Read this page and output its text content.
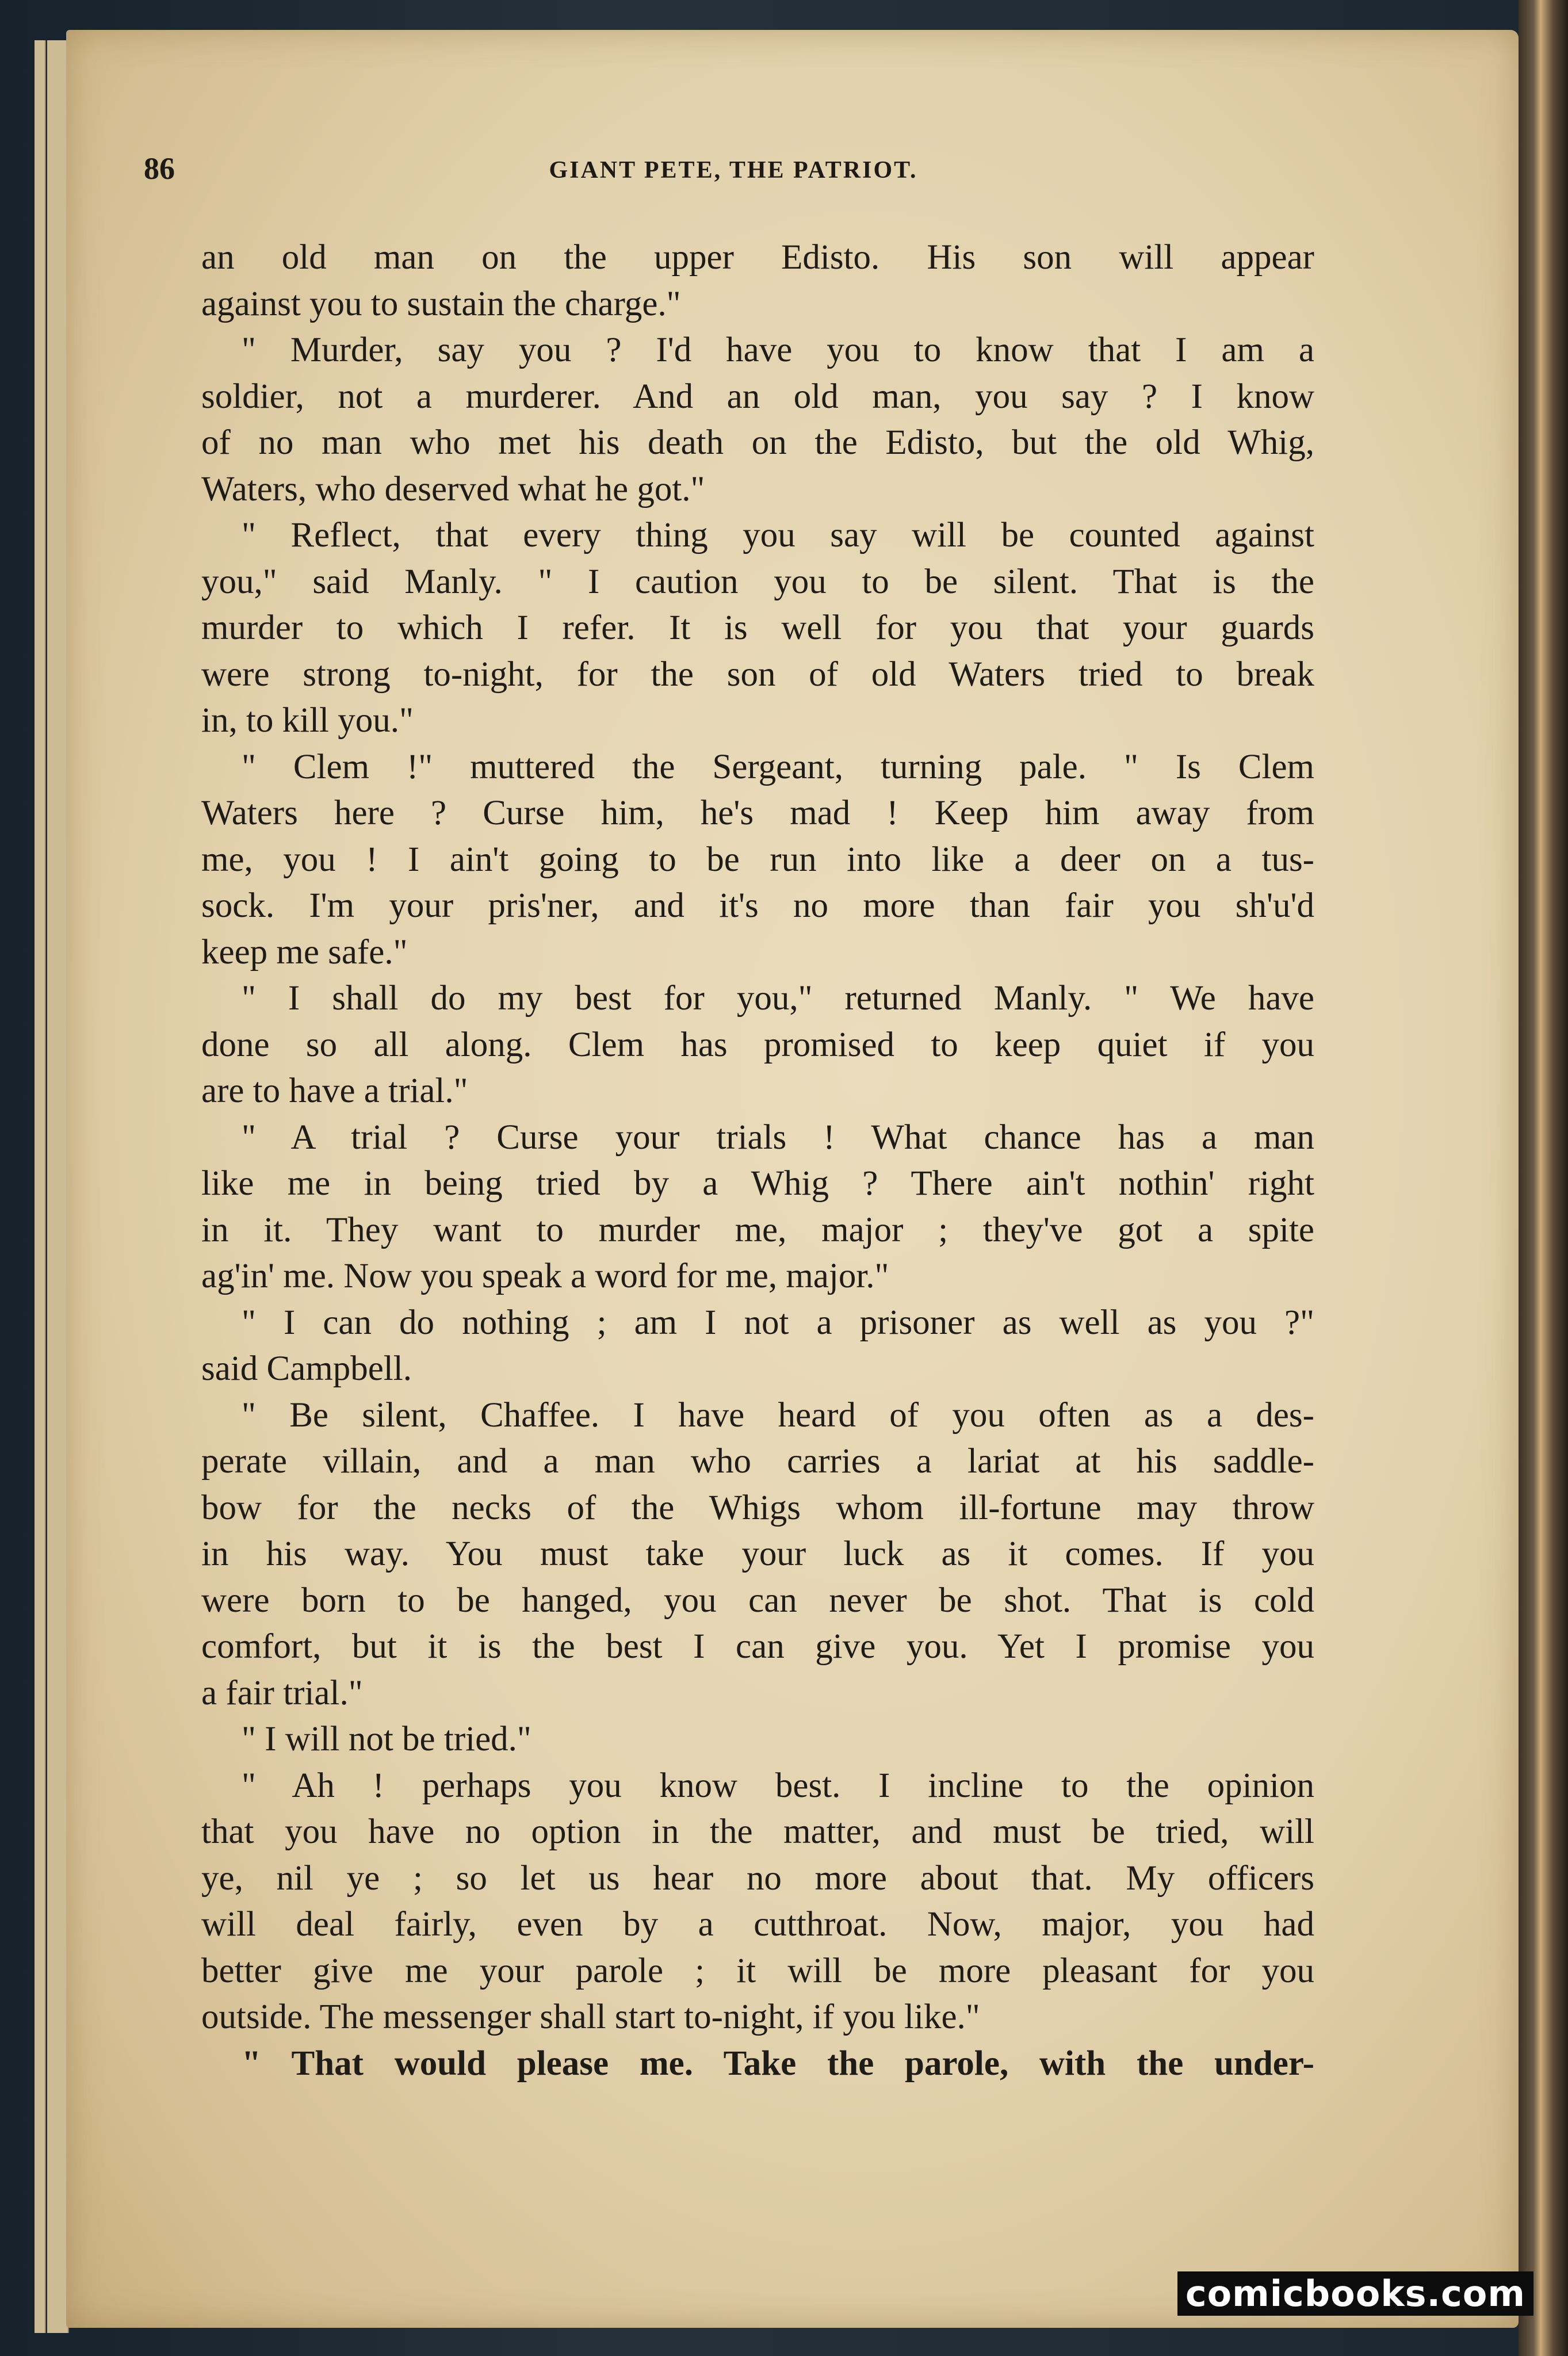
86	GIANT PETE, THE PATRIOT.
an old man on the upper Edisto. His son will appear
against you to sustain the charge."
" Murder, say you ? I'd have you to know that I am a
soldier, not a murderer. And an old man, you say ? I know
of no man who met his death on the Edisto, but the old Whig,
Waters, who deserved what he got."
" Reflect, that every thing you say will be counted against
you," said Manly. " I caution you to be silent. That is the
murder to which I refer. It is well for you that your guards
were strong to-night, for the son of old Waters tried to break
in, to kill you."
" Clem !" muttered the Sergeant, turning pale. " Is Clem
Waters here ? Curse him, he's mad ! Keep him away from
me, you ! I ain't going to be run into like a deer on a tus-
sock. I'm your pris'ner, and it's no more than fair you sh'u'd
keep me safe."
" I shall do my best for you," returned Manly. " We have
done so all along. Clem has promised to keep quiet if you
are to have a trial."
" A trial ? Curse your trials ! What chance has a man
like me in being tried by a Whig ? There ain't nothin' right
in it. They want to murder me, major ; they've got a spite
ag'in' me. Now you speak a word for me, major."
" I can do nothing ; am I not a prisoner as well as you ?"
said Campbell.
" Be silent, Chaffee. I have heard of you often as a des-
perate villain, and a man who carries a lariat at his saddle-
bow for the necks of the Whigs whom ill-fortune may throw
in his way. You must take your luck as it comes. If you
were born to be hanged, you can never be shot. That is cold
comfort, but it is the best I can give you. Yet I promise you
a fair trial."
" I will not be tried."
" Ah ! perhaps you know best. I incline to the opinion
that you have no option in the matter, and must be tried, will
ye, nil ye ; so let us hear no more about that. My officers
will deal fairly, even by a cutthroat. Now, major, you had
better give me your parole ; it will be more pleasant for you
outside. The messenger shall start to-night, if you like."
" That would please me. Take the parole, with the under-
comicbooks.com
